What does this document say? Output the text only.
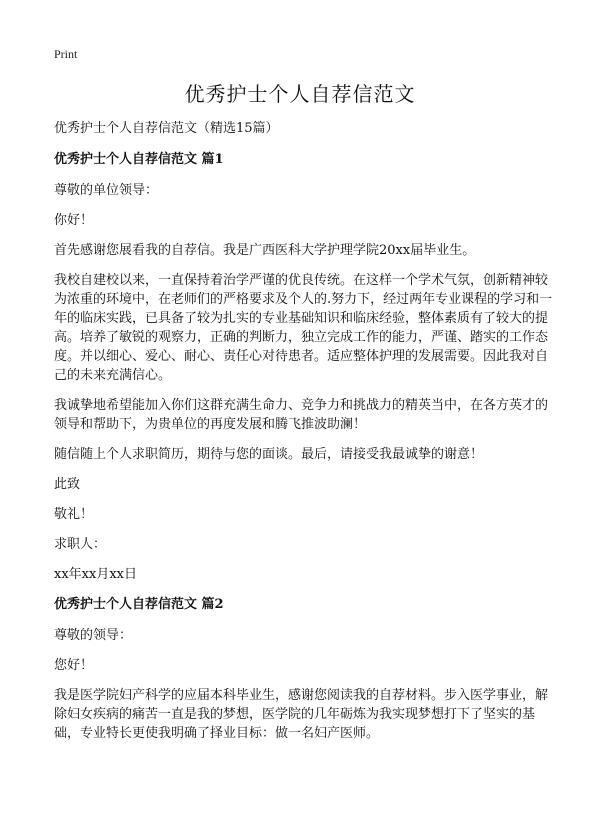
Print
优秀护士个人自荐信范文

优秀护士个人自荐信范文（精选15篇）

优秀护士个人自荐信范文 篇1

尊敬的单位领导：

你好！

首先感谢您展看我的自荐信。我是广西医科大学护理学院20xx届毕业生。

我校自建校以来，一直保持着治学严谨的优良传统。在这样一个学术气氛，创新精神较为浓重的环境中，在老师们的严格要求及个人的.努力下，经过两年专业课程的学习和一年的临床实践，已具备了较为扎实的专业基础知识和临床经验，整体素质有了较大的提高。培养了敏锐的观察力，正确的判断力，独立完成工作的能力，严谨、踏实的工作态度。并以细心、爱心、耐心、责任心对待患者。适应整体护理的发展需要。因此我对自己的未来充满信心。

我诚挚地希望能加入你们这群充满生命力、竞争力和挑战力的精英当中，在各方英才的领导和帮助下，为贵单位的再度发展和腾飞推波助澜！

随信随上个人求职简历，期待与您的面谈。最后，请接受我最诚挚的谢意！

此致

敬礼！

求职人：

xx年xx月xx日

优秀护士个人自荐信范文 篇2

尊敬的领导：

您好！

我是医学院妇产科学的应届本科毕业生，感谢您阅读我的自荐材料。步入医学事业，解除妇女疾病的痛苦一直是我的梦想，医学院的几年砺炼为我实现梦想打下了坚实的基础，专业特长更使我明确了择业目标：做一名妇产医师。
